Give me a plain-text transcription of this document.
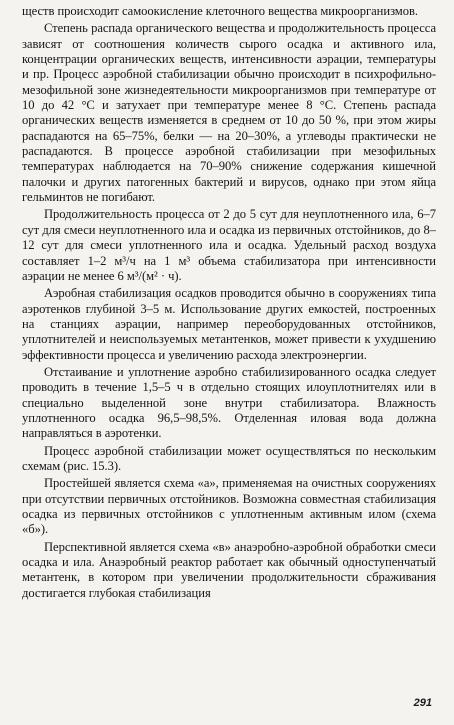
ществ происходит самоокисление клеточного вещества микроорганизмов.

Степень распада органического вещества и продолжительность процесса зависят от соотношения количеств сырого осадка и активного ила, концентрации органических веществ, интенсивности аэрации, температуры и пр. Процесс аэробной стабилизации обычно происходит в психрофильно-мезофильной зоне жизнедеятельности микроорганизмов при температуре от 10 до 42 °С и затухает при температуре менее 8 °С. Степень распада органических веществ изменяется в среднем от 10 до 50 %, при этом жиры распадаются на 65–75%, белки — на 20–30%, а углеводы практически не распадаются. В процессе аэробной стабилизации при мезофильных температурах наблюдается на 70–90% снижение содержания кишечной палочки и других патогенных бактерий и вирусов, однако при этом яйца гельминтов не погибают.

Продолжительность процесса от 2 до 5 сут для неуплотненного ила, 6–7 сут для смеси неуплотненного ила и осадка из первичных отстойников, до 8–12 сут для смеси уплотненного ила и осадка. Удельный расход воздуха составляет 1–2 м³/ч на 1 м³ объема стабилизатора при интенсивности аэрации не менее 6 м³/(м² · ч).

Аэробная стабилизация осадков проводится обычно в сооружениях типа аэротенков глубиной 3–5 м. Использование других емкостей, построенных на станциях аэрации, например переоборудованных отстойников, уплотнителей и неиспользуемых метантенков, может привести к ухудшению эффективности процесса и увеличению расхода электроэнергии.

Отстаивание и уплотнение аэробно стабилизированного осадка следует проводить в течение 1,5–5 ч в отдельно стоящих илоуплотнителях или в специально выделенной зоне внутри стабилизатора. Влажность уплотненного осадка 96,5–98,5%. Отделенная иловая вода должна направляться в аэротенки.

Процесс аэробной стабилизации может осуществляться по нескольким схемам (рис. 15.3).

Простейшей является схема «а», применяемая на очистных сооружениях при отсутствии первичных отстойников. Возможна совместная стабилизация осадка из первичных отстойников с уплотненным активным илом (схема «б»).

Перспективной является схема «в» анаэробно-аэробной обработки смеси осадка и ила. Анаэробный реактор работает как обычный одноступенчатый метантенк, в котором при увеличении продолжительности сбраживания достигается глубокая стабилизация

291
